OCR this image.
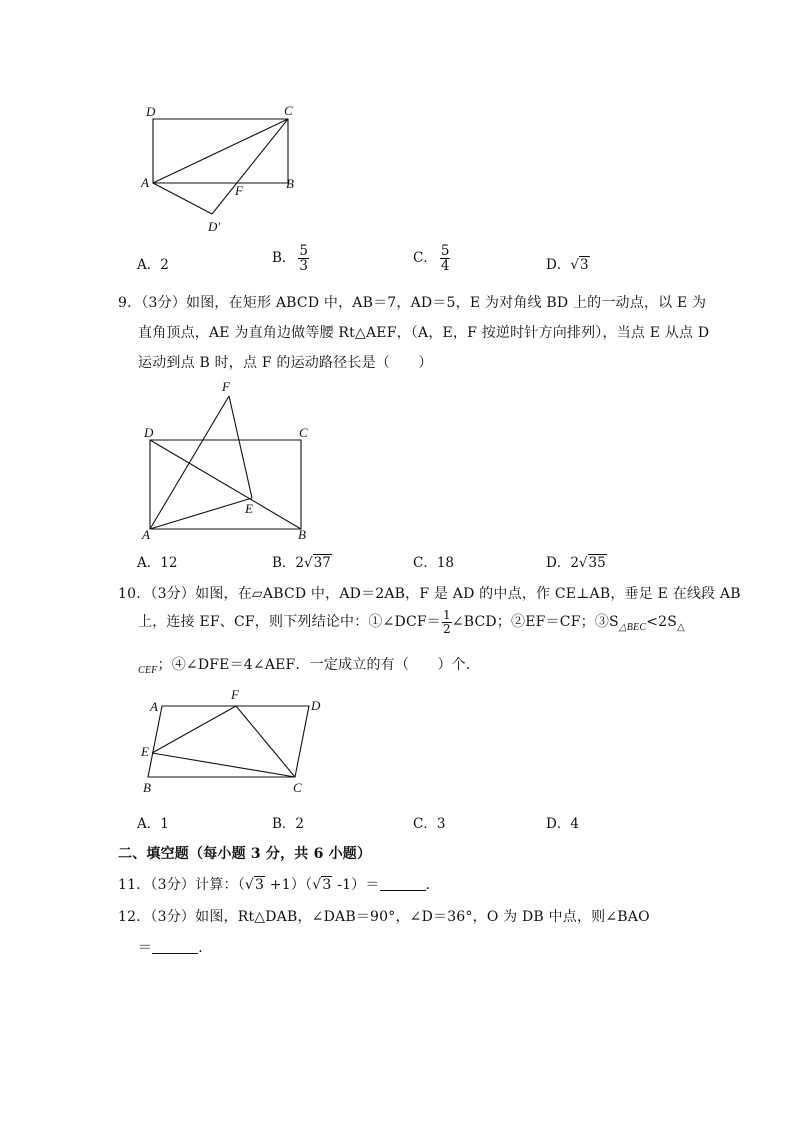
D	C
A	B
F
D′
A．2	B． $\frac{5}{3}$	C． $\frac{5}{4}$	D．√3
9．（3分）如图，在矩形 ABCD 中，AB＝7，AD＝5，E 为对角线 BD 上的一动点，以 E 为
直角顶点，AE 为直角边做等腰 Rt△AEF，（A，E，F 按逆时针方向排列），当点 E 从点 D
运动到点 B 时，点 F 的运动路径长是（　　）
F
D	C
A	B
E
A．12	B．2√37	C．18	D．2√35
10．（3分）如图，在▱ABCD 中，AD＝2AB，F 是 AD 的中点，作 CE⊥AB，垂足 E 在线段 AB
上，连接 EF、CF，则下列结论中：①∠DCF＝ $\frac{1}{2}$ ∠BCD；②EF＝CF；$③S_{\triangle BEC}<2S_\triangle$
$_{CEF}$；④∠DFE＝4∠AEF．一定成立的有（　　）个．
A
F
D
E
B	C
A．1	B．2	C．3	D．4
二、填空题（每小题 3 分，共 6 小题）
11．（3分）计算：（√3 +1）（√3 -1）＝	．
12．（3分）如图，Rt△DAB，∠DAB＝90°，∠D＝36°，O 为 DB 中点，则∠BAO
＝	．
